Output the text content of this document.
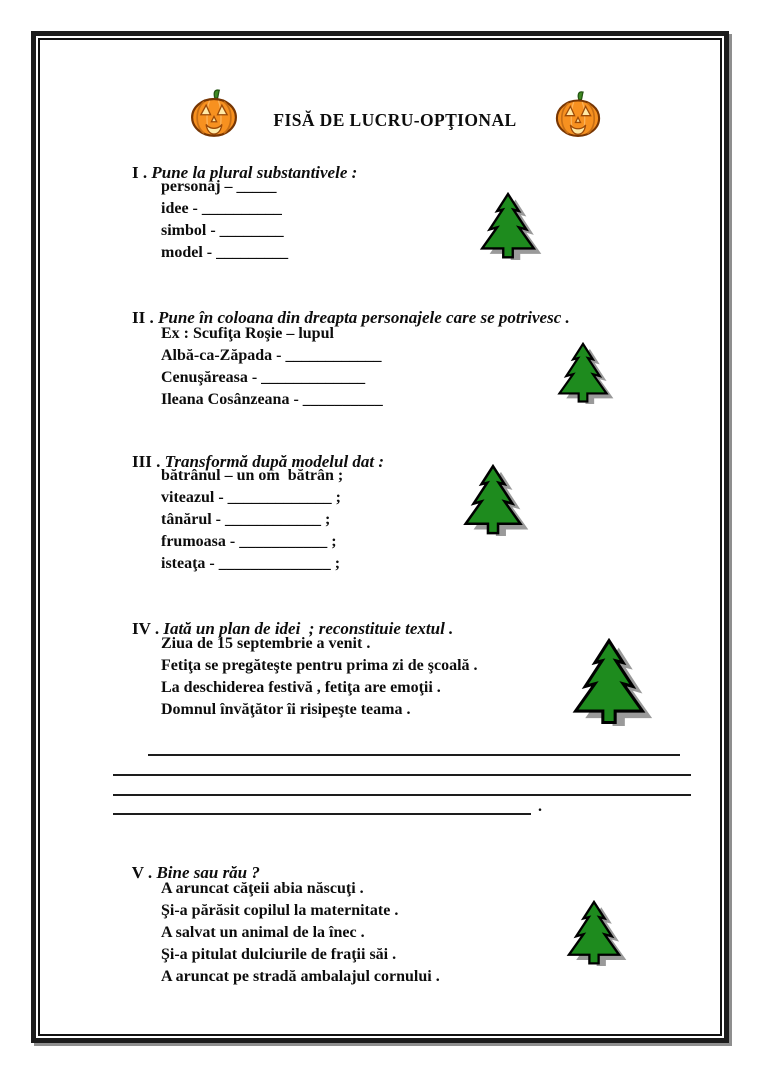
FISĂ DE LUCRU-OPŢIONAL

I . Pune la plural substantivele :

personaj – _____
idee - __________
simbol - ________
model - _________

II . Pune în coloana din dreapta personajele care se potrivesc .

Ex : Scufiţa Roşie – lupul
Albă-ca-Zăpada - ____________
Cenuşăreasa - _____________
Ileana Cosânzeana - __________

III . Transformă după modelul dat :

bătrânul – un om  bătrân ;
viteazul - _____________ ;
tânărul - ____________ ;
frumoasa - ___________ ;
isteaţa - ______________ ;

IV . Iată un plan de idei  ; reconstituie textul .

Ziua de 15 septembrie a venit .
Fetiţa se pregăteşte pentru prima zi de şcoală .
La deschiderea festivă , fetiţa are emoţii .
Domnul învăţător îi risipeşte teama .
.

V . Bine sau rău ?

A aruncat căţeii abia născuţi .
Şi-a părăsit copilul la maternitate .
A salvat un animal de la înec .
Şi-a pitulat dulciurile de fraţii săi .
A aruncat pe stradă ambalajul cornului .
